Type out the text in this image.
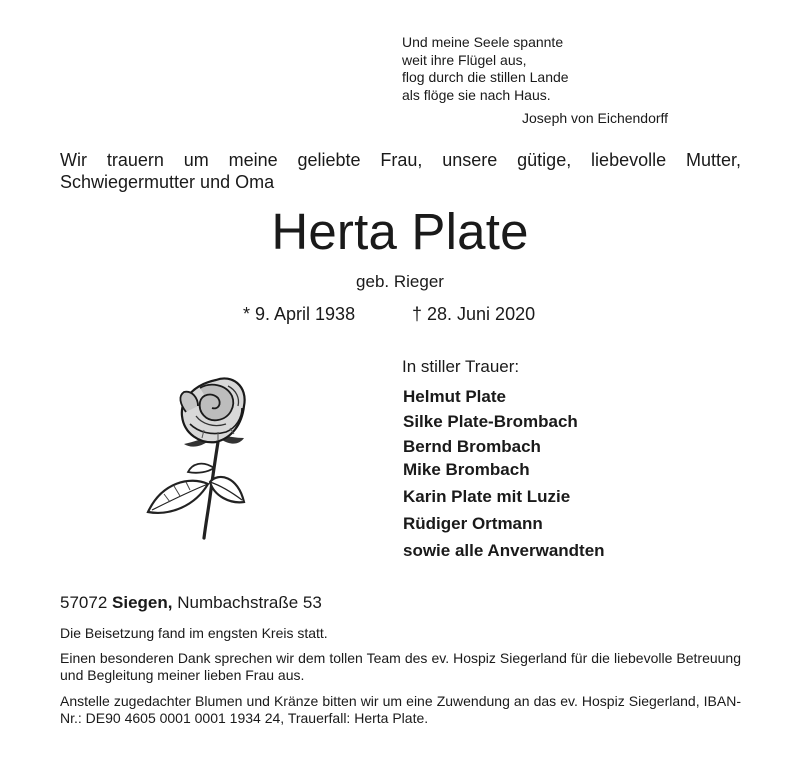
Und meine Seele spannte
weit ihre Flügel aus,
flog durch die stillen Lande
als flöge sie nach Haus.
Joseph von Eichendorff
Wir trauern um meine geliebte Frau, unsere gütige, liebevolle Mutter, Schwiegermutter und Oma
Herta Plate
geb. Rieger
* 9. April 1938	† 28. Juni 2020
In stiller Trauer:
Helmut Plate
Silke Plate-Brombach
Bernd Brombach
Mike Brombach
Karin Plate mit Luzie
Rüdiger Ortmann
sowie alle Anverwandten
57072 Siegen, Numbachstraße 53
Die Beisetzung fand im engsten Kreis statt.
Einen besonderen Dank sprechen wir dem tollen Team des ev. Hospiz Siegerland für die liebevolle Betreuung und Begleitung meiner lieben Frau aus.
Anstelle zugedachter Blumen und Kränze bitten wir um eine Zuwendung an das ev. Hospiz Siegerland, IBAN-Nr.: DE90 4605 0001 0001 1934 24, Trauerfall: Herta Plate.
